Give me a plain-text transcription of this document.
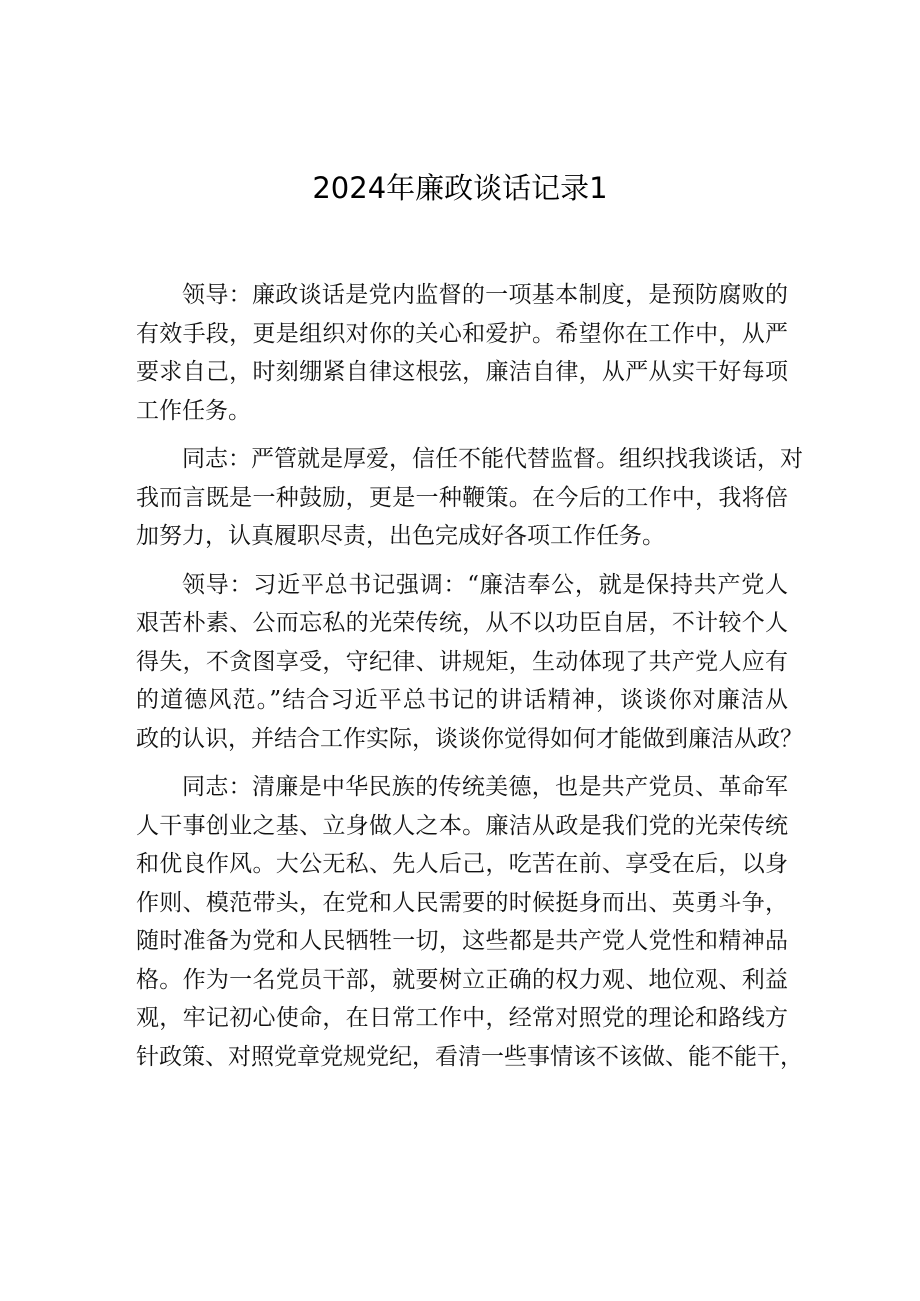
2024年廉政谈话记录1
领导：廉政谈话是党内监督的一项基本制度，是预防腐败的
有效手段，更是组织对你的关心和爱护。希望你在工作中，从严
要求自己，时刻绷紧自律这根弦，廉洁自律，从严从实干好每项
工作任务。
同志：严管就是厚爱，信任不能代替监督。组织找我谈话，对
我而言既是一种鼓励，更是一种鞭策。在今后的工作中，我将倍
加努力，认真履职尽责，出色完成好各项工作任务。
领导：习近平总书记强调：“廉洁奉公，就是保持共产党人
艰苦朴素、公而忘私的光荣传统，从不以功臣自居，不计较个人
得失，不贪图享受，守纪律、讲规矩，生动体现了共产党人应有
的道德风范。”结合习近平总书记的讲话精神，谈谈你对廉洁从
政的认识，并结合工作实际，谈谈你觉得如何才能做到廉洁从政？
同志：清廉是中华民族的传统美德，也是共产党员、革命军
人干事创业之基、立身做人之本。廉洁从政是我们党的光荣传统
和优良作风。大公无私、先人后己，吃苦在前、享受在后，以身
作则、模范带头，在党和人民需要的时候挺身而出、英勇斗争，
随时准备为党和人民牺牲一切，这些都是共产党人党性和精神品
格。作为一名党员干部，就要树立正确的权力观、地位观、利益
观，牢记初心使命，在日常工作中，经常对照党的理论和路线方
针政策、对照党章党规党纪，看清一些事情该不该做、能不能干，
